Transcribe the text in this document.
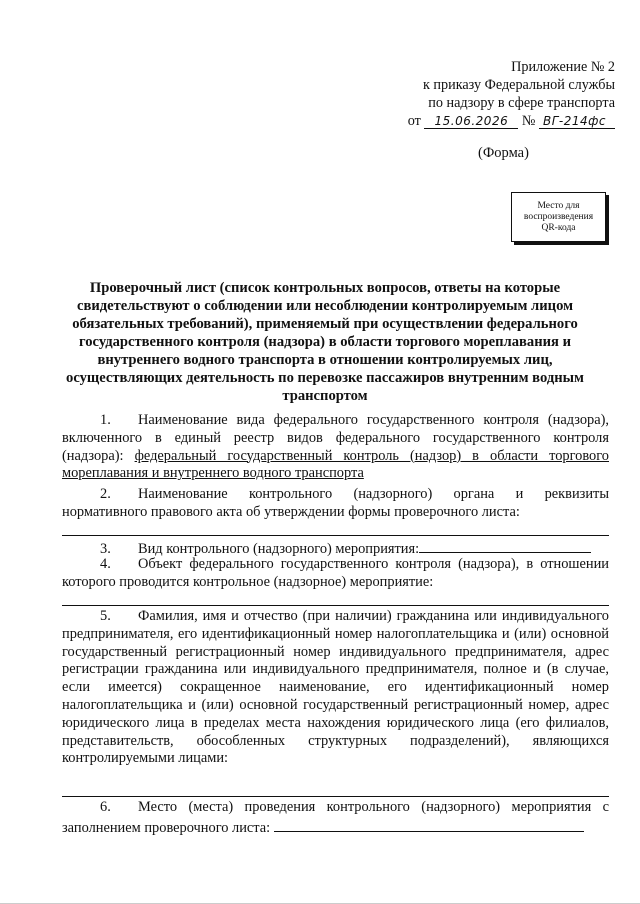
Приложение № 2
к приказу Федеральной службы
по надзору в сфере транспорта
от 15.06.2026 № ВГ-214фс
(Форма)
Место для
воспроизведения
QR-кода
Проверочный лист (список контрольных вопросов, ответы на которые свидетельствуют о соблюдении или несоблюдении контролируемым лицом обязательных требований), применяемый при осуществлении федерального государственного контроля (надзора) в области торгового мореплавания и внутреннего водного транспорта в отношении контролируемых лиц, осуществляющих деятельность по перевозке пассажиров внутренним водным транспортом
1. Наименование вида федерального государственного контроля (надзора), включенного в единый реестр видов федерального государственного контроля (надзора): федеральный государственный контроль (надзор) в области торгового мореплавания и внутреннего водного транспорта
2. Наименование контрольного (надзорного) органа и реквизиты нормативного правового акта об утверждении формы проверочного листа:
3. Вид контрольного (надзорного) мероприятия:
4. Объект федерального государственного контроля (надзора), в отношении которого проводится контрольное (надзорное) мероприятие:
5. Фамилия, имя и отчество (при наличии) гражданина или индивидуального предпринимателя, его идентификационный номер налогоплательщика и (или) основной государственный регистрационный номер индивидуального предпринимателя, адрес регистрации гражданина или индивидуального предпринимателя, полное и (в случае, если имеется) сокращенное наименование, его идентификационный номер налогоплательщика и (или) основной государственный регистрационный номер, адрес юридического лица в пределах места нахождения юридического лица (его филиалов, представительств, обособленных структурных подразделений), являющихся контролируемыми лицами:
6. Место (места) проведения контрольного (надзорного) мероприятия с заполнением проверочного листа:
